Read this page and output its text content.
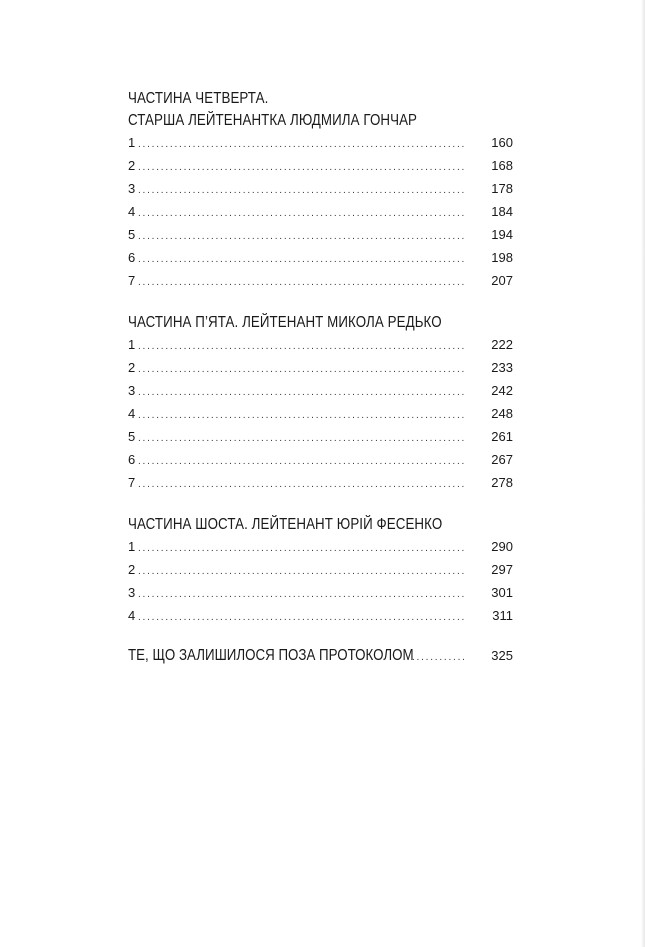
ЧАСТИНА ЧЕТВЕРТА.
СТАРША ЛЕЙТЕНАНТКА ЛЮДМИЛА ГОНЧАР
1 . . .	160
2 . . .	168
3 . . .	178
4 . . .	184
5 . . .	194
6 . . .	198
7 . . .	207
ЧАСТИНА П’ЯТА. ЛЕЙТЕНАНТ МИКОЛА РЕДЬКО
1 . . .	222
2 . . .	233
3 . . .	242
4 . . .	248
5 . . .	261
6 . . .	267
7 . . .	278
ЧАСТИНА ШОСТА. ЛЕЙТЕНАНТ ЮРІЙ ФЕСЕНКО
1 . . .	290
2 . . .	297
3 . . .	301
4 . . .	311
ТЕ, ЩО ЗАЛИШИЛОСЯ ПОЗА ПРОТОКОЛОМ . . .	325
